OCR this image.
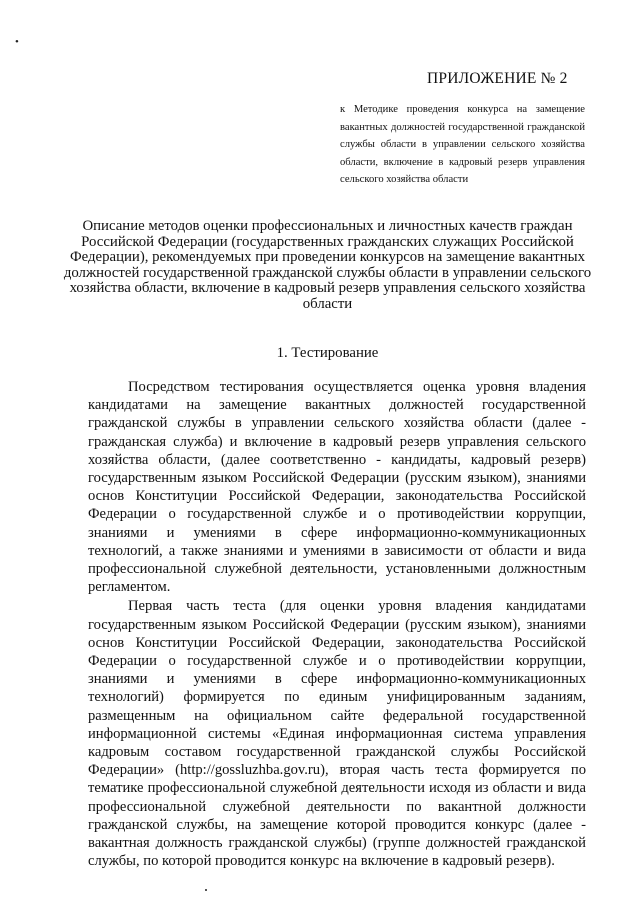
•
ПРИЛОЖЕНИЕ № 2
к Методике проведения конкурса на замещение вакантных должностей государственной гражданской службы области в управлении сельского хозяйства области, включение в кадровый резерв управления сельского хозяйства области
Описание методов оценки профессиональных и личностных качеств граждан Российской Федерации (государственных гражданских служащих Российской Федерации), рекомендуемых при проведении конкурсов на замещение вакантных должностей государственной гражданской службы области в управлении сельского хозяйства области, включение в кадровый резерв управления сельского хозяйства области
1. Тестирование

Посредством тестирования осуществляется оценка уровня владения кандидатами на замещение вакантных должностей государственной гражданской службы в управлении сельского хозяйства области (далее - гражданская служба) и включение в кадровый резерв управления сельского хозяйства области, (далее соответственно - кандидаты, кадровый резерв) государственным языком Российской Федерации (русским языком), знаниями основ Конституции Российской Федерации, законодательства Российской Федерации о государственной службе и о противодействии коррупции, знаниями и умениями в сфере информационно-коммуникационных технологий, а также знаниями и умениями в зависимости от области и вида профессиональной служебной деятельности, установленными должностным регламентом.

Первая часть теста (для оценки уровня владения кандидатами государственным языком Российской Федерации (русским языком), знаниями основ Конституции Российской Федерации, законодательства Российской Федерации о государственной службе и о противодействии коррупции, знаниями и умениями в сфере информационно-коммуникационных технологий) формируется по единым унифицированным заданиям, размещенным на официальном сайте федеральной государственной информационной системы «Единая информационная система управления кадровым составом государственной гражданской службы Российской Федерации» (http://gossluzhba.gov.ru), вторая часть теста формируется по тематике профессиональной служебной деятельности исходя из области и вида профессиональной служебной деятельности по вакантной должности гражданской службы, на замещение которой проводится конкурс (далее - вакантная должность гражданской службы) (группе должностей гражданской службы, по которой проводится конкурс на включение в кадровый резерв).
